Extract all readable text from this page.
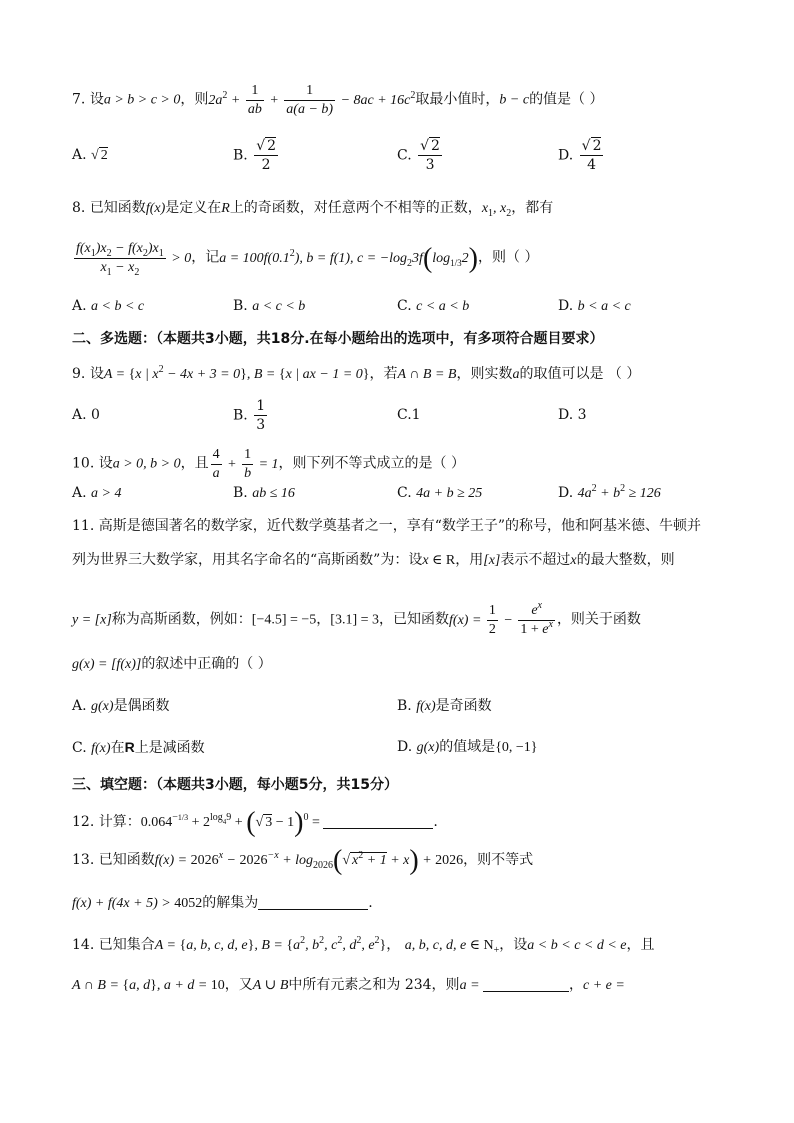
7. 设a > b > c > 0，则$2a^2 + \frac{1}{ab} + \frac{1}{a(a - b)} - 8ac + 16c^2$取最小值时，b − c的值是（ ）
A. √ 2	B. $\frac{√ 2}{2}$	C. $\frac{√ 2}{3}$	D. $\frac{√ 2}{4}$
8. 已知函数f(x)是定义在R上的奇函数，对任意两个不相等的正数，$x_1$, $x_2$，都有
$\frac{f(x_1)x_2 - f(x_2)x_1}{x_1 - x_2} > 0$，记$a = 100f(0.1^2)$, b = f(1), $c = -\log_23f(\log_{1/3}2)$，则（ ）
A. a < b < c	B. a < c < b	C. c < a < b	D. b < a < c
二、多选题：（本题共3小题，共18分.在每小题给出的选项中，有多项符合题目要求）
9. 设A = {x | $x^2 - 4x + 3 = 0$}, B = {x | ax − 1 = 0}，若A ∩ B = B，则实数a的取值可以是 （ ）
A. 0	B. $\frac{1}{3}$	C.1	D. 3
10. 设a > 0, b > 0，且 $\frac{4}{a} + \frac{1}{b} = 1$，则下列不等式成立的是（ ）
A. a > 4	B. ab ≤ 16	C. 4a + b ≥ 25	D. $4a^2 + b^2 \ge 126$
11. 高斯是德国著名的数学家，近代数学奠基者之一，享有“数学王子”的称号，他和阿基米德、牛顿并
列为世界三大数学家，用其名字命名的“高斯函数”为：设x ∈ R，用[x]表示不超过x的最大整数，则
y = [x]称为高斯函数，例如：[−4.5] = −5，[3.1] = 3，已知函数$f(x) = \frac{1}{2} - \frac{e^x}{1 + e^x}$ ，则关于函数
g(x) = [f(x)]的叙述中正确的（ ）
A. g(x)是偶函数	B. f(x)是奇函数
C. f(x)在R上是减函数	D. g(x)的值域是{0, −1}
三、填空题：（本题共3小题，每小题5分，共15分）
12. 计算：$0.064^{-1/3} + 2^{log_49}$ + (√ 3 − 1)$^0$ =	.
13. 已知函数$f(x) = 2026^x - 2026^{-x} + \log_{2026}(√$ $x^2 + 1 + x) + 2026$，则不等式
f(x) + f(4x + 5) > 4052的解集为	.
14. 已知集合A = {a, b, c, d, e}, $B = \{a^2$, $b^2$, $c^2$, $d^2$, $e^2$}， a, b, c, d, e ∈ $N_+$，设a < b < c < d < e，且
A ∩ B = {a, d}, a + d = 10，又A ∪ B中所有元素之和为 234，则a =	，c + e =
